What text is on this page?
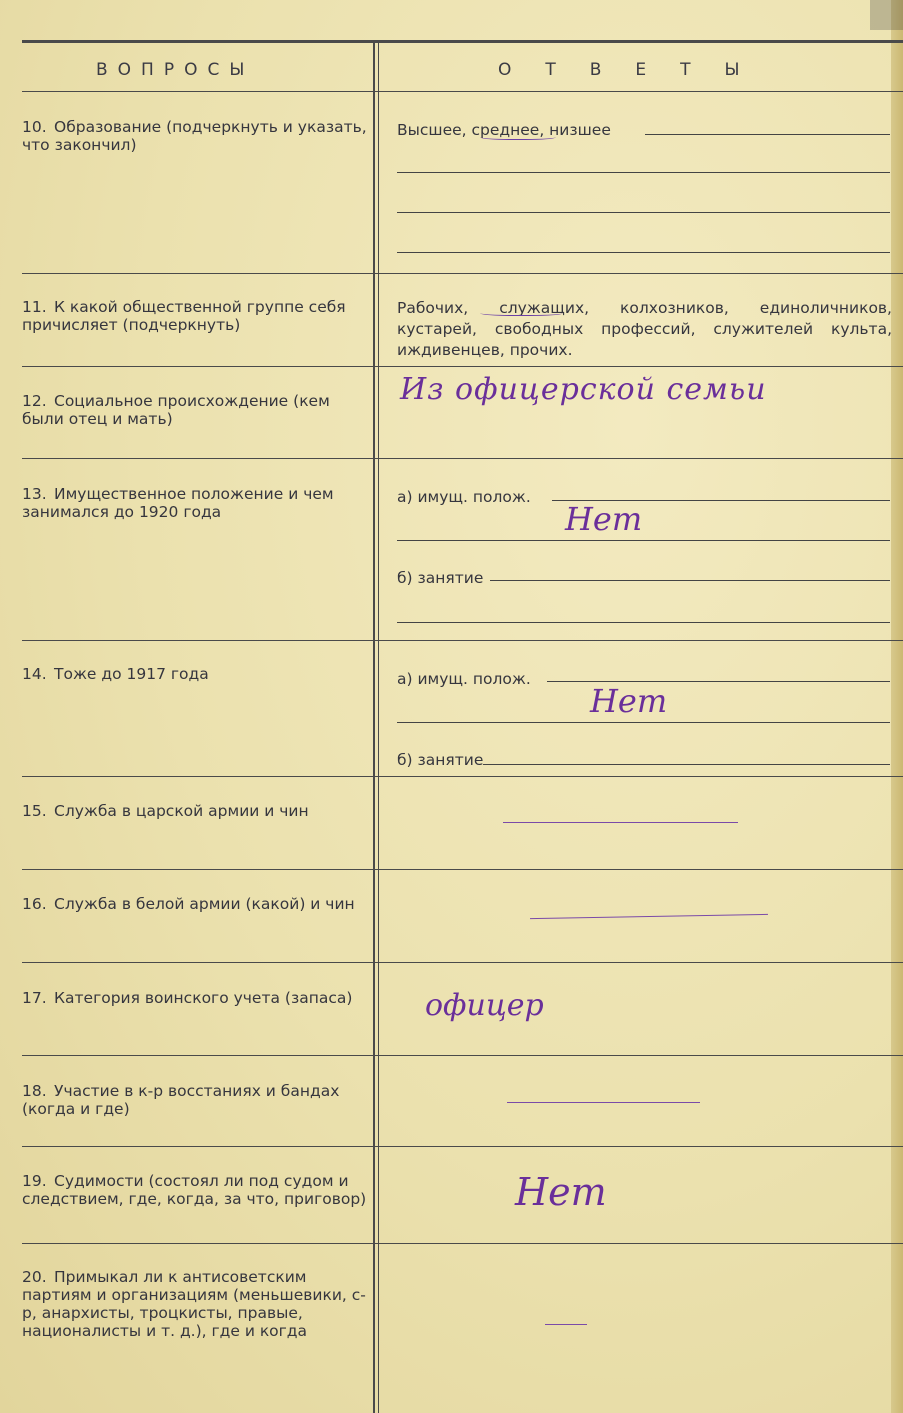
ВОПРОСЫ	ОТВЕТЫ
10. Образование (подчеркнуть и указать, что закончил)
Высшее, среднее, низшее
11. К какой общественной группе себя причисляет (подчеркнуть)
Рабочих, служащих, колхозников, единоличников, кустарей, свободных профессий, служителей культа, иждивенцев, прочих.
12. Социальное происхождение (кем были отец и мать)
Из офицерской семьи
13. Имущественное положение и чем занимался до 1920 года
а) имущ. полож.
Нет
б) занятие
14. Тоже до 1917 года	а) имущ. полож.
Нет
б) занятие
15. Служба в царской армии и чин
16. Служба в белой армии (какой) и чин
17. Категория воинского учета (запаса)	офицер
18. Участие в к-р восстаниях и бандах (когда и где)
19. Судимости (состоял ли под судом и следствием, где, когда, за что, приговор)	Нет
20. Примыкал ли к антисоветским партиям и организациям (меньшевики, с-р, анархисты, троцкисты, правые, националисты и т. д.), где и когда
